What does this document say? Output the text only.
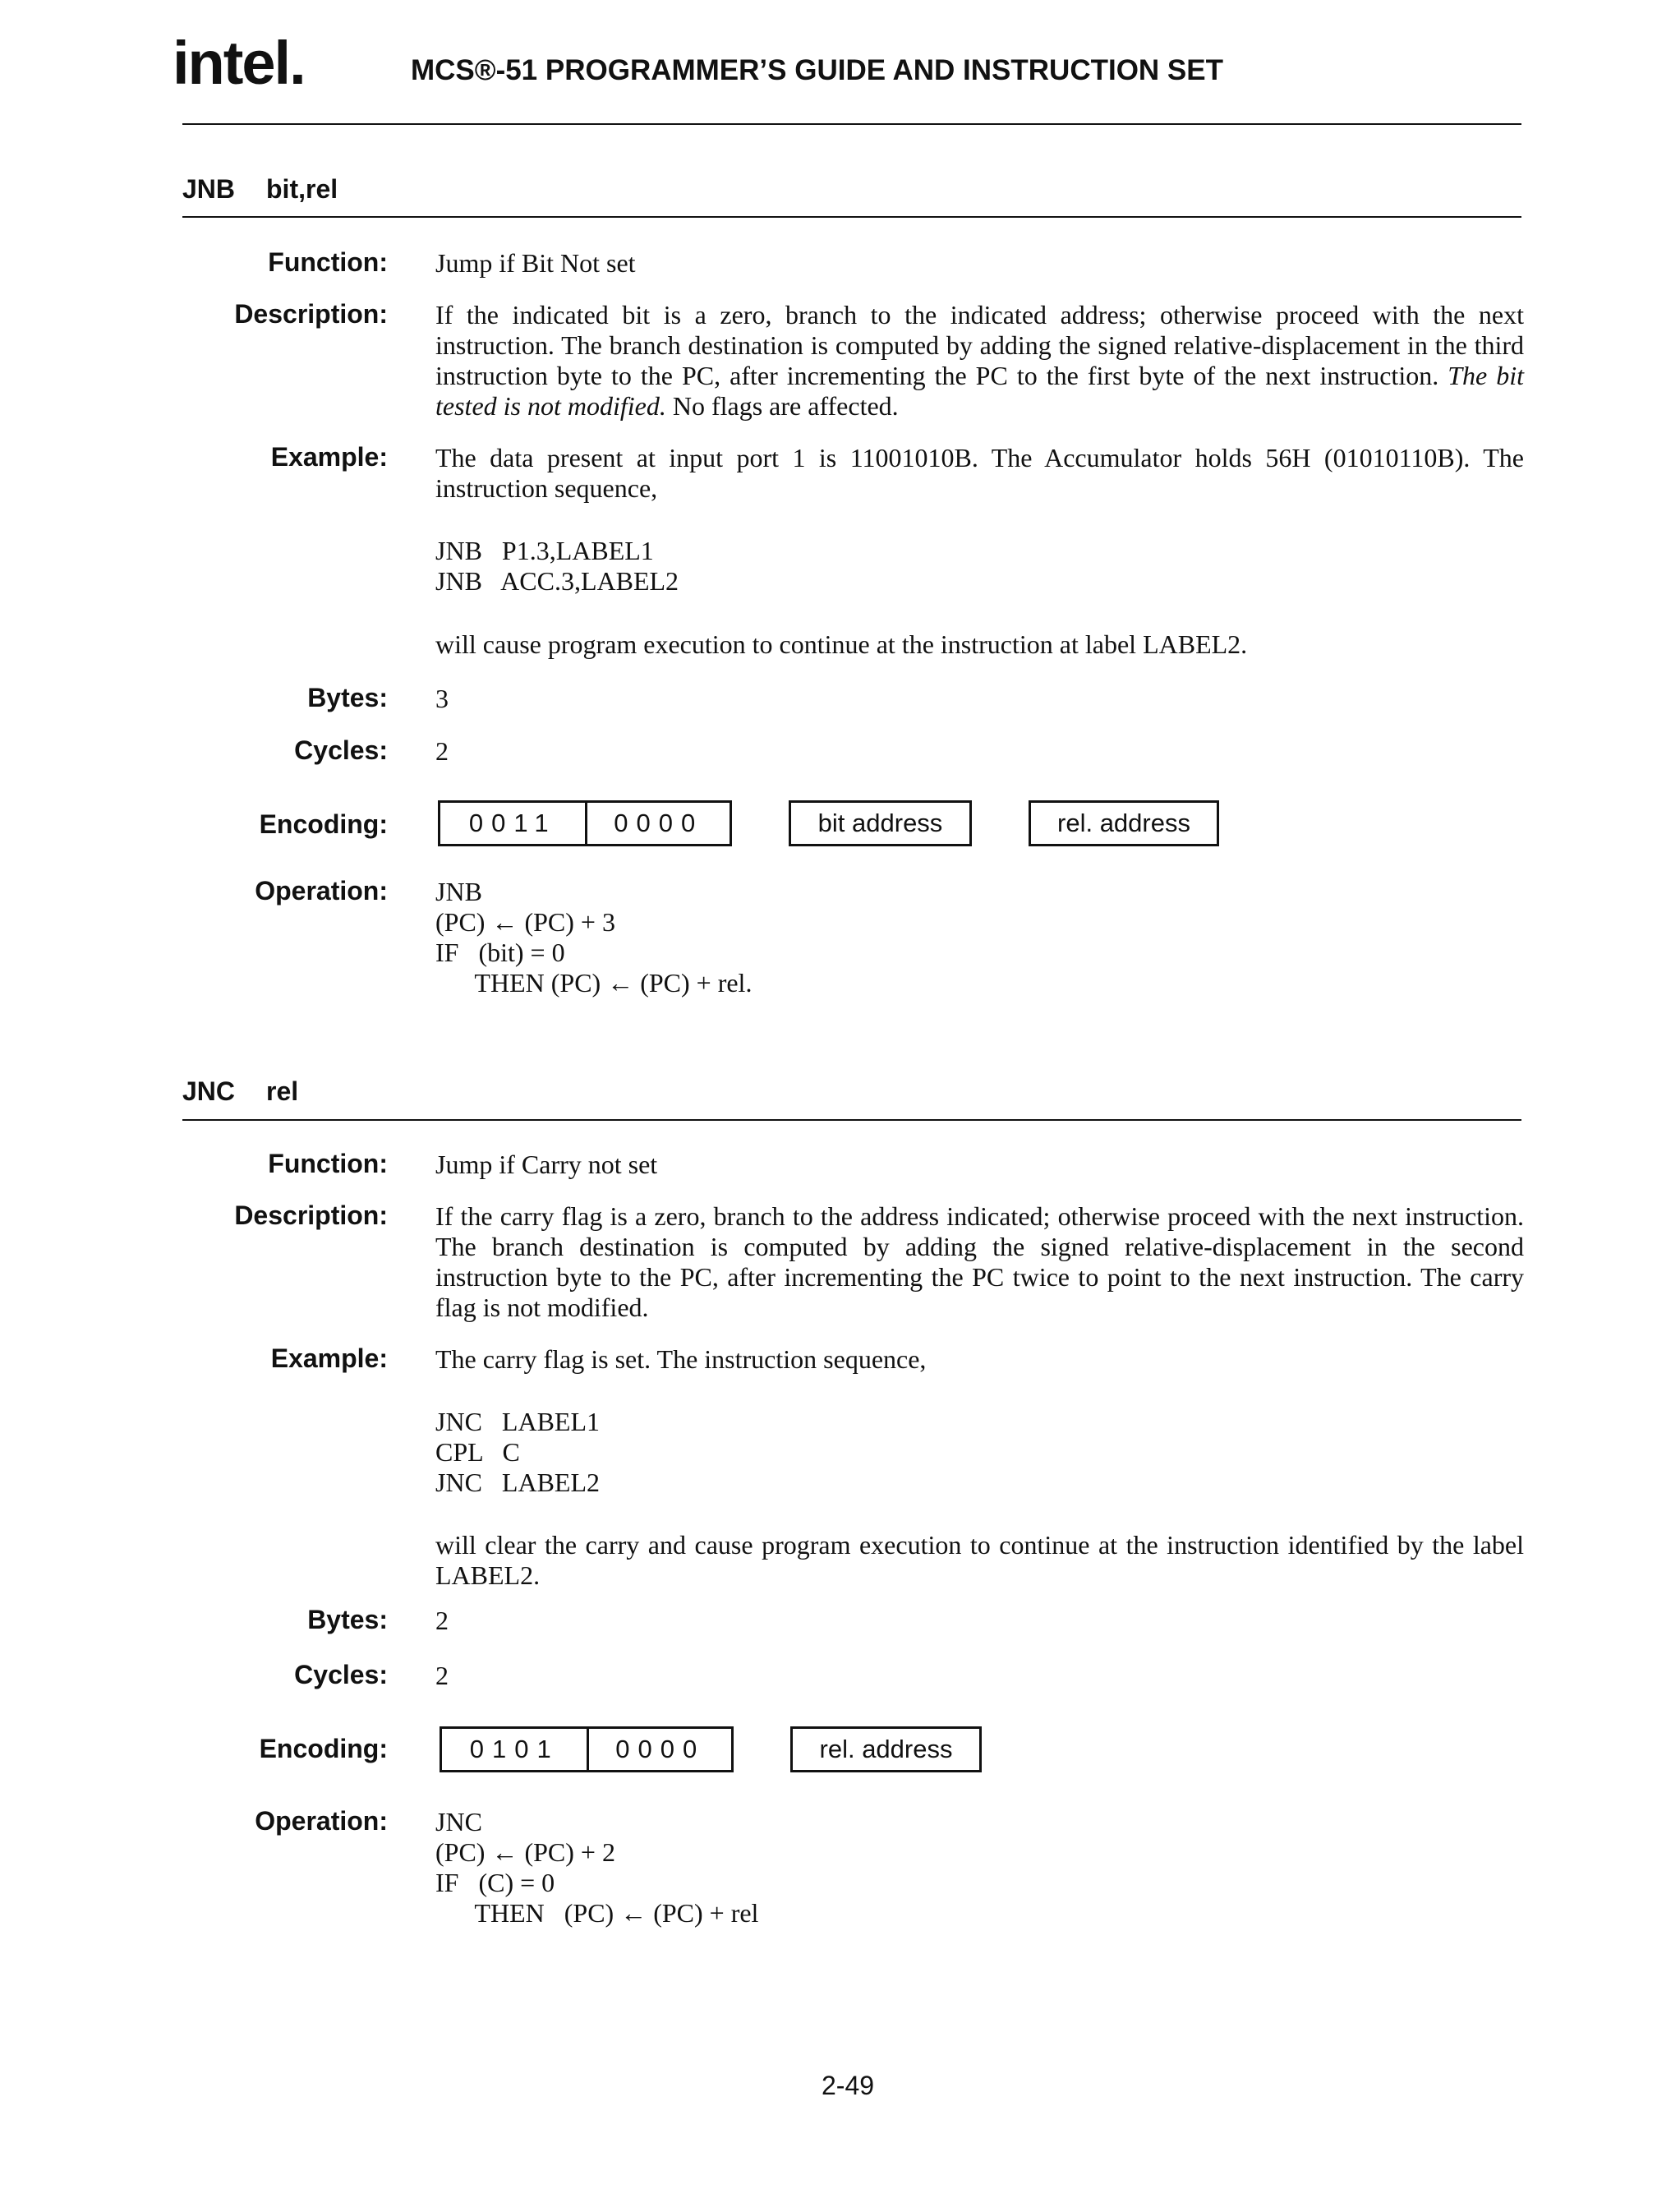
intel.	MCS®-51 PROGRAMMER’S GUIDE AND INSTRUCTION SET
JNB bit,rel
Function: Jump if Bit Not set
Description: If the indicated bit is a zero, branch to the indicated address; otherwise proceed with the next instruction. The branch destination is computed by adding the signed relative-displacement in the third instruction byte to the PC, after incrementing the PC to the first byte of the next instruction. The bit tested is not modified. No flags are affected.

Example: The data present at input port 1 is 11001010B. The Accumulator holds 56H (01010110B). The instruction sequence,
JNB   P1.3,LABEL1
JNB   ACC.3,LABEL2
will cause program execution to continue at the instruction at label LABEL2.
Bytes: 3
Cycles: 2
Encoding:	0011	0000	bit address	rel. address
Operation: JNB
(PC) ← (PC) + 3
IF   (bit) = 0
THEN (PC) ← (PC) + rel.
JNC rel
Function: Jump if Carry not set
Description: If the carry flag is a zero, branch to the address indicated; otherwise proceed with the next instruction. The branch destination is computed by adding the signed relative-displacement in the second instruction byte to the PC, after incrementing the PC twice to point to the next instruction. The carry flag is not modified.
Example: The carry flag is set. The instruction sequence,
JNC   LABEL1
CPL   C
JNC   LABEL2
will clear the carry and cause program execution to continue at the instruction identified by the label LABEL2.
Bytes: 2
Cycles: 2
Encoding:	0101	0000	rel. address
Operation: JNC
(PC) ← (PC) + 2
IF   (C) = 0
THEN   (PC) ← (PC) + rel
2-49
